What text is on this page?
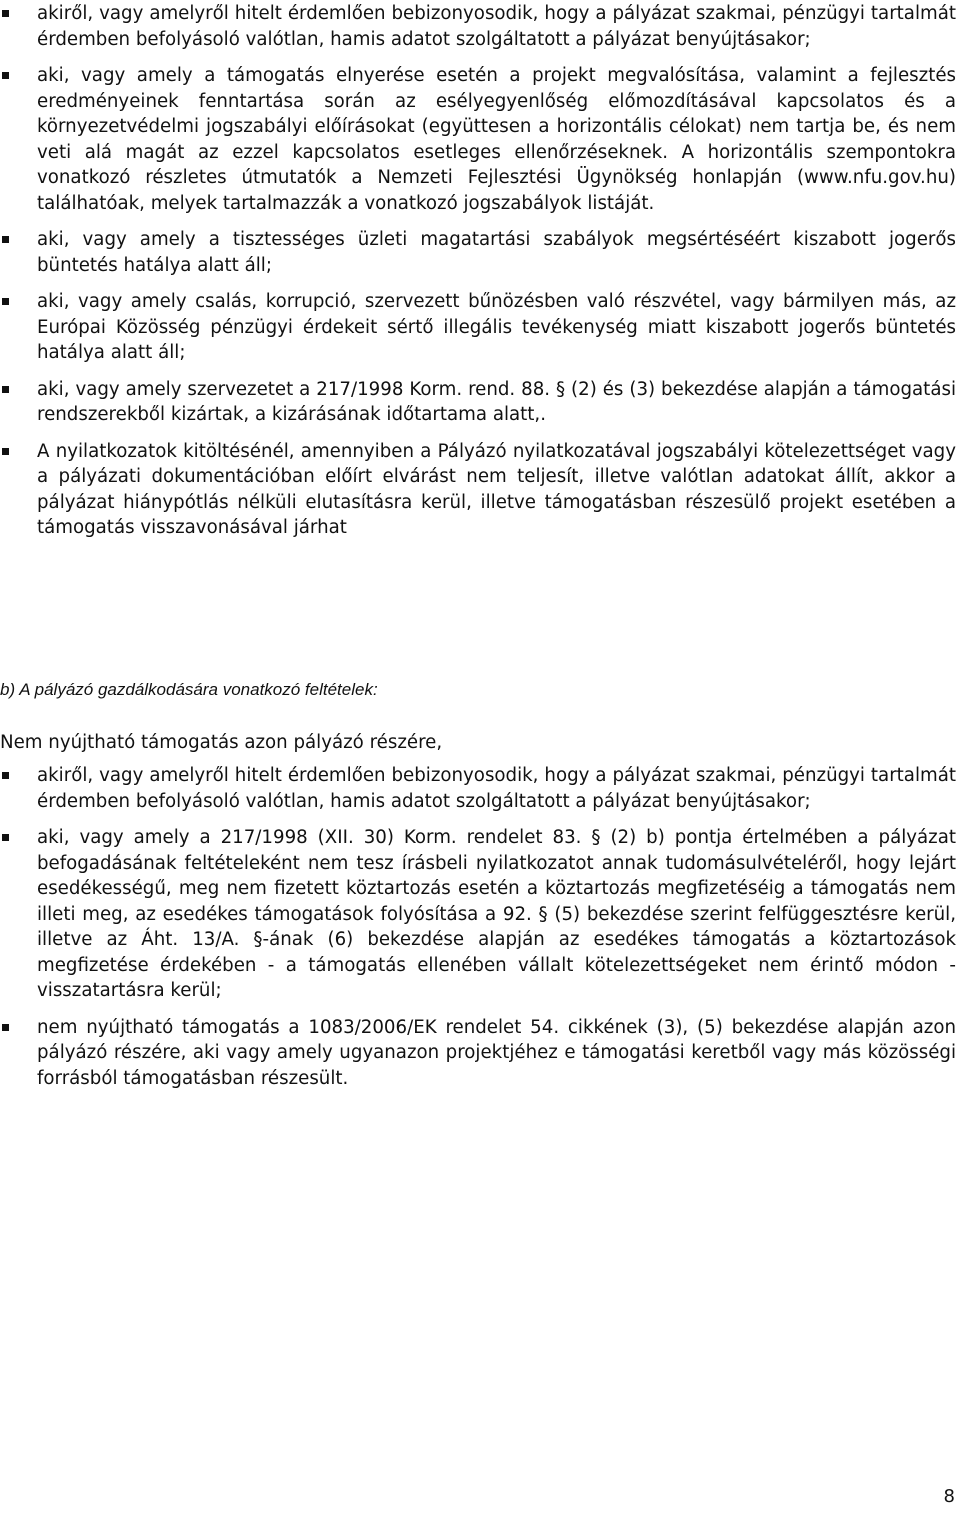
akiről, vagy amelyről hitelt érdemlően bebizonyosodik, hogy a pályázat szakmai, pénzügyi tartalmát érdemben befolyásoló valótlan, hamis adatot szolgáltatott a pályázat benyújtásakor;
aki, vagy amely a támogatás elnyerése esetén a projekt megvalósítása, valamint a fejlesztés eredményeinek fenntartása során az esélyegyenlőség előmozdításával kapcsolatos és a környezetvédelmi jogszabályi előírásokat (együttesen a horizontális célokat) nem tartja be, és nem veti alá magát az ezzel kapcsolatos esetleges ellenőrzéseknek. A horizontális szempontokra vonatkozó részletes útmutatók a Nemzeti Fejlesztési Ügynökség honlapján (www.nfu.gov.hu) találhatóak, melyek tartalmazzák a vonatkozó jogszabályok listáját.
aki, vagy amely a tisztességes üzleti magatartási szabályok megsértéséért kiszabott jogerős büntetés hatálya alatt áll;
aki, vagy amely csalás, korrupció, szervezett bűnözésben való részvétel, vagy bármilyen más, az Európai Közösség pénzügyi érdekeit sértő illegális tevékenység miatt kiszabott jogerős büntetés hatálya alatt áll;
aki, vagy amely szervezetet a 217/1998 Korm. rend. 88. § (2) és (3) bekezdése alapján a támogatási rendszerekből kizártak, a kizárásának időtartama alatt,.
A nyilatkozatok kitöltésénél, amennyiben a Pályázó nyilatkozatával jogszabályi kötelezettséget vagy a pályázati dokumentációban előírt elvárást nem teljesít, illetve valótlan adatokat állít, akkor a pályázat hiánypótlás nélküli elutasításra kerül, illetve támogatásban részesülő projekt esetében a támogatás visszavonásával járhat

b) A pályázó gazdálkodására vonatkozó feltételek:

Nem nyújtható támogatás azon pályázó részére,

akiről, vagy amelyről hitelt érdemlően bebizonyosodik, hogy a pályázat szakmai, pénzügyi tartalmát érdemben befolyásoló valótlan, hamis adatot szolgáltatott a pályázat benyújtásakor;
aki, vagy amely a 217/1998 (XII. 30) Korm. rendelet 83. § (2) b) pontja értelmében a pályázat befogadásának feltételeként nem tesz írásbeli nyilatkozatot annak tudomásulvételéről, hogy lejárt esedékességű, meg nem fizetett köztartozás esetén a köztartozás megfizetéséig a támogatás nem illeti meg, az esedékes támogatások folyósítása a 92. § (5) bekezdése szerint felfüggesztésre kerül, illetve az Áht. 13/A. §-ának (6) bekezdése alapján az esedékes támogatás a köztartozások megfizetése érdekében - a támogatás ellenében vállalt kötelezettségeket nem érintő módon - visszatartásra kerül;
nem nyújtható támogatás a 1083/2006/EK rendelet 54. cikkének (3), (5) bekezdése alapján azon pályázó részére, aki vagy amely ugyanazon projektjéhez e támogatási keretből vagy más közösségi forrásból támogatásban részesült.
8
